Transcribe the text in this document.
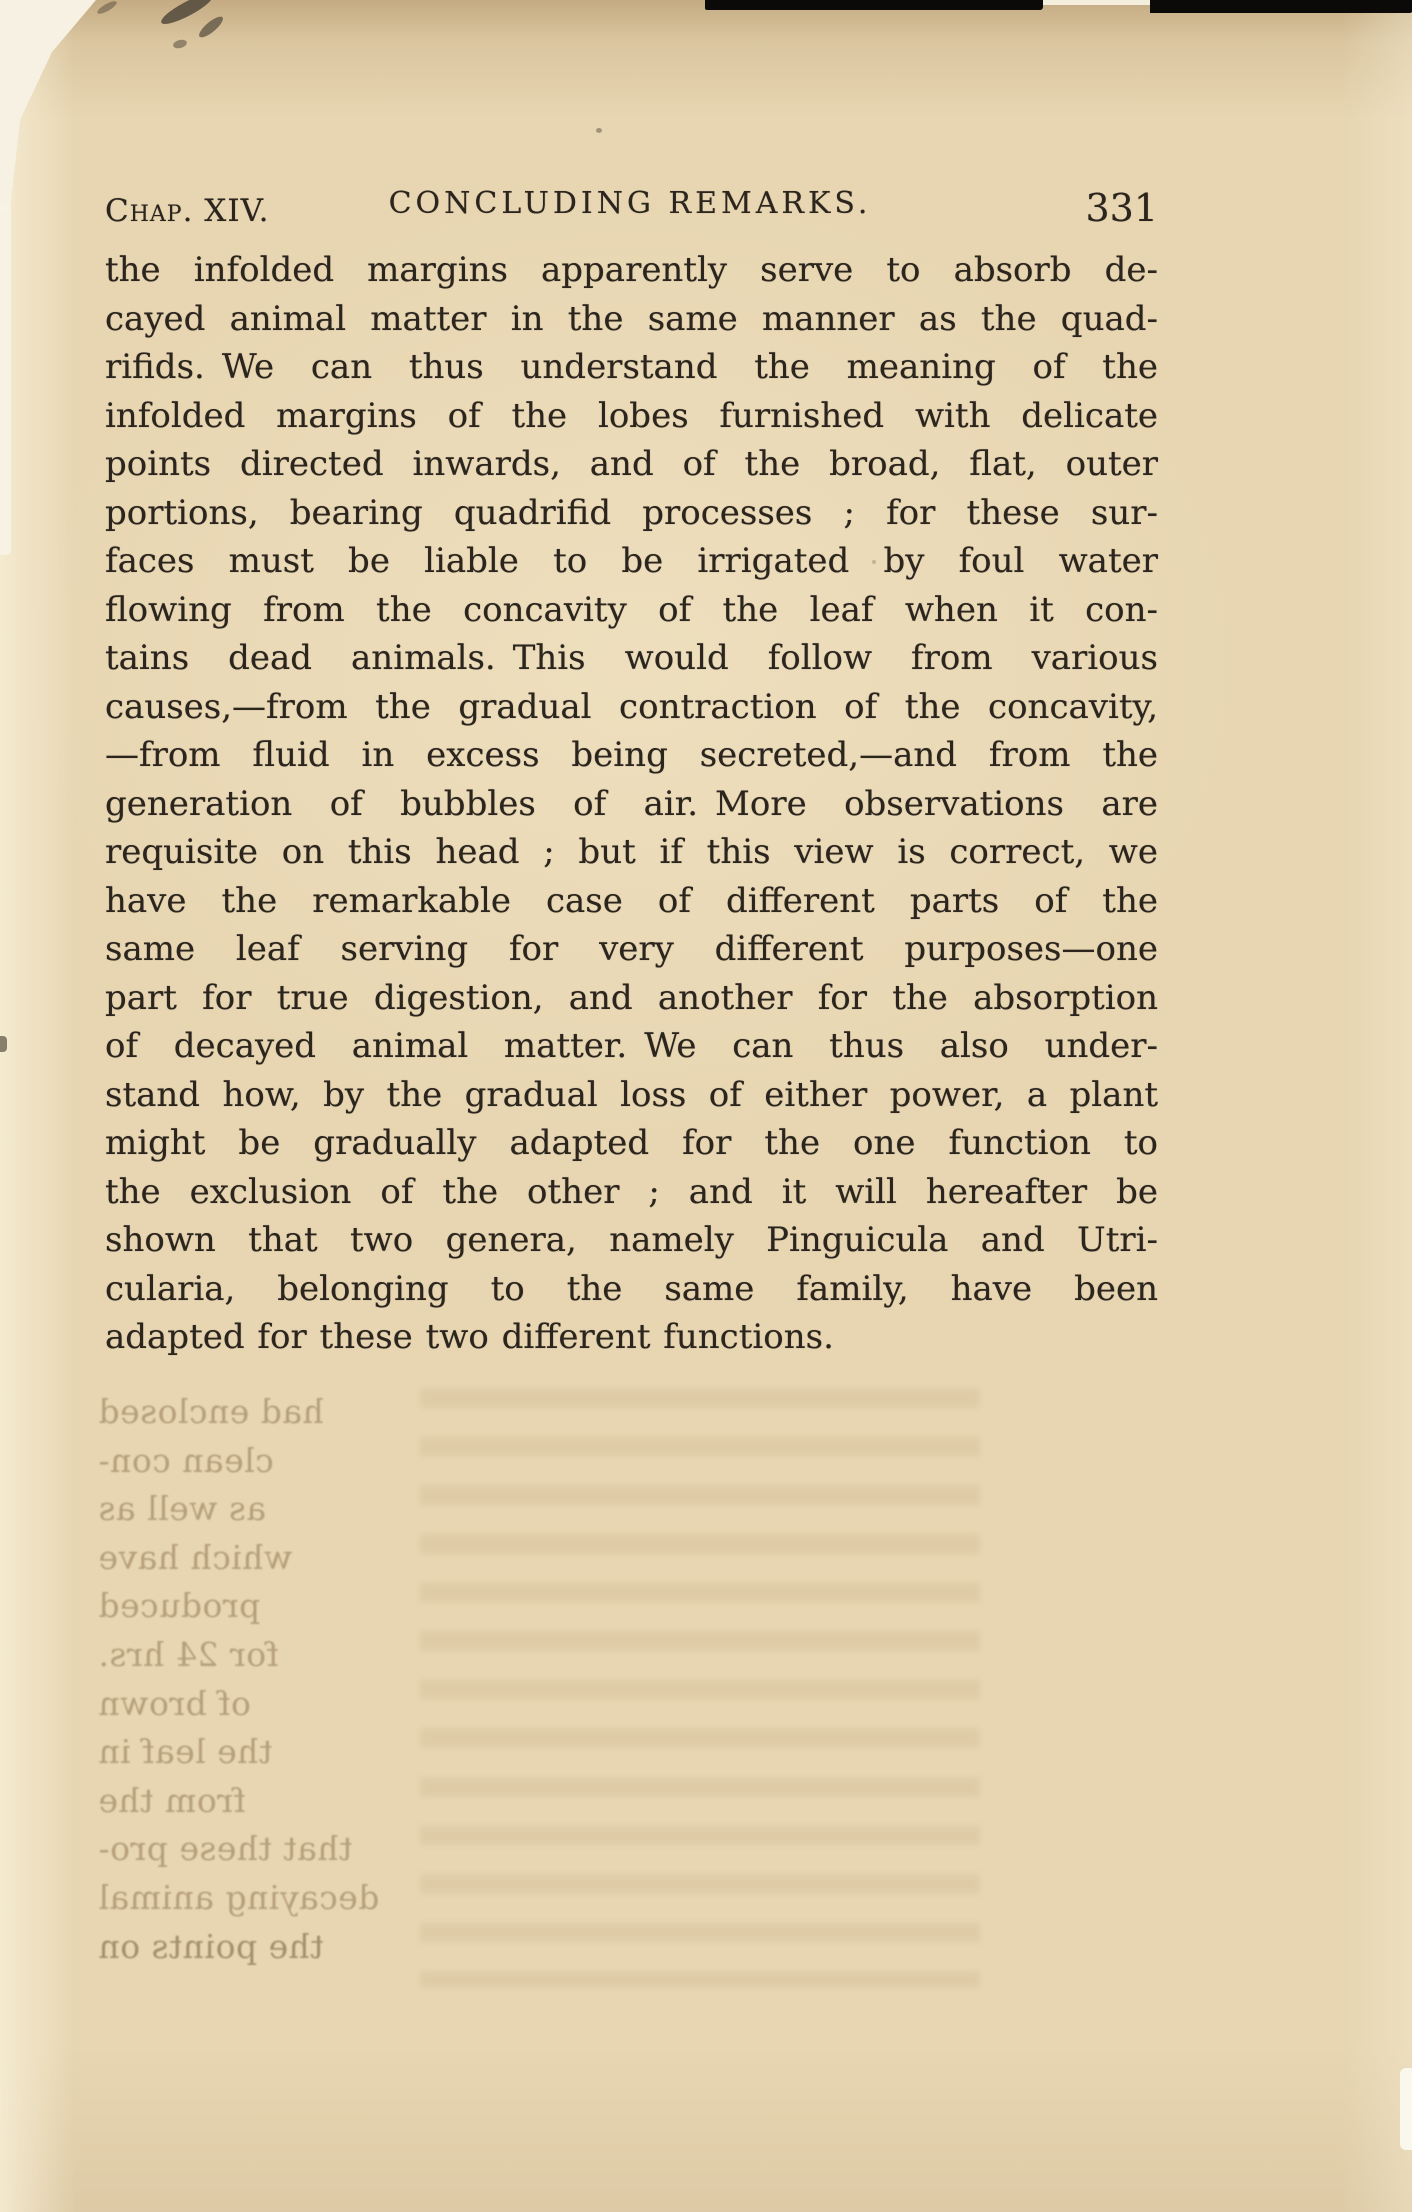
Chap. XIV.	CONCLUDING REMARKS.	331
the infolded margins apparently serve to absorb de-
cayed animal matter in the same manner as the quad-
rifids. We can thus understand the meaning of the
infolded margins of the lobes furnished with delicate
points directed inwards, and of the broad, flat, outer
portions, bearing quadrifid processes ; for these sur-
faces must be liable to be irrigated by foul water
flowing from the concavity of the leaf when it con-
tains dead animals. This would follow from various
causes,—from the gradual contraction of the concavity,
—from fluid in excess being secreted,—and from the
generation of bubbles of air. More observations are
requisite on this head ; but if this view is correct, we
have the remarkable case of different parts of the
same leaf serving for very different purposes—one
part for true digestion, and another for the absorption
of decayed animal matter. We can thus also under-
stand how, by the gradual loss of either power, a plant
might be gradually adapted for the one function to
the exclusion of the other ; and it will hereafter be
shown that two genera, namely Pinguicula and Utri-
cularia, belonging to the same family, have been
adapted for these two different functions.
had enclosed
clean con-
as well as
which have
produced
for 24 hrs.
of brown
the leaf in
from the
that these pro-
decaying animal
the points on
